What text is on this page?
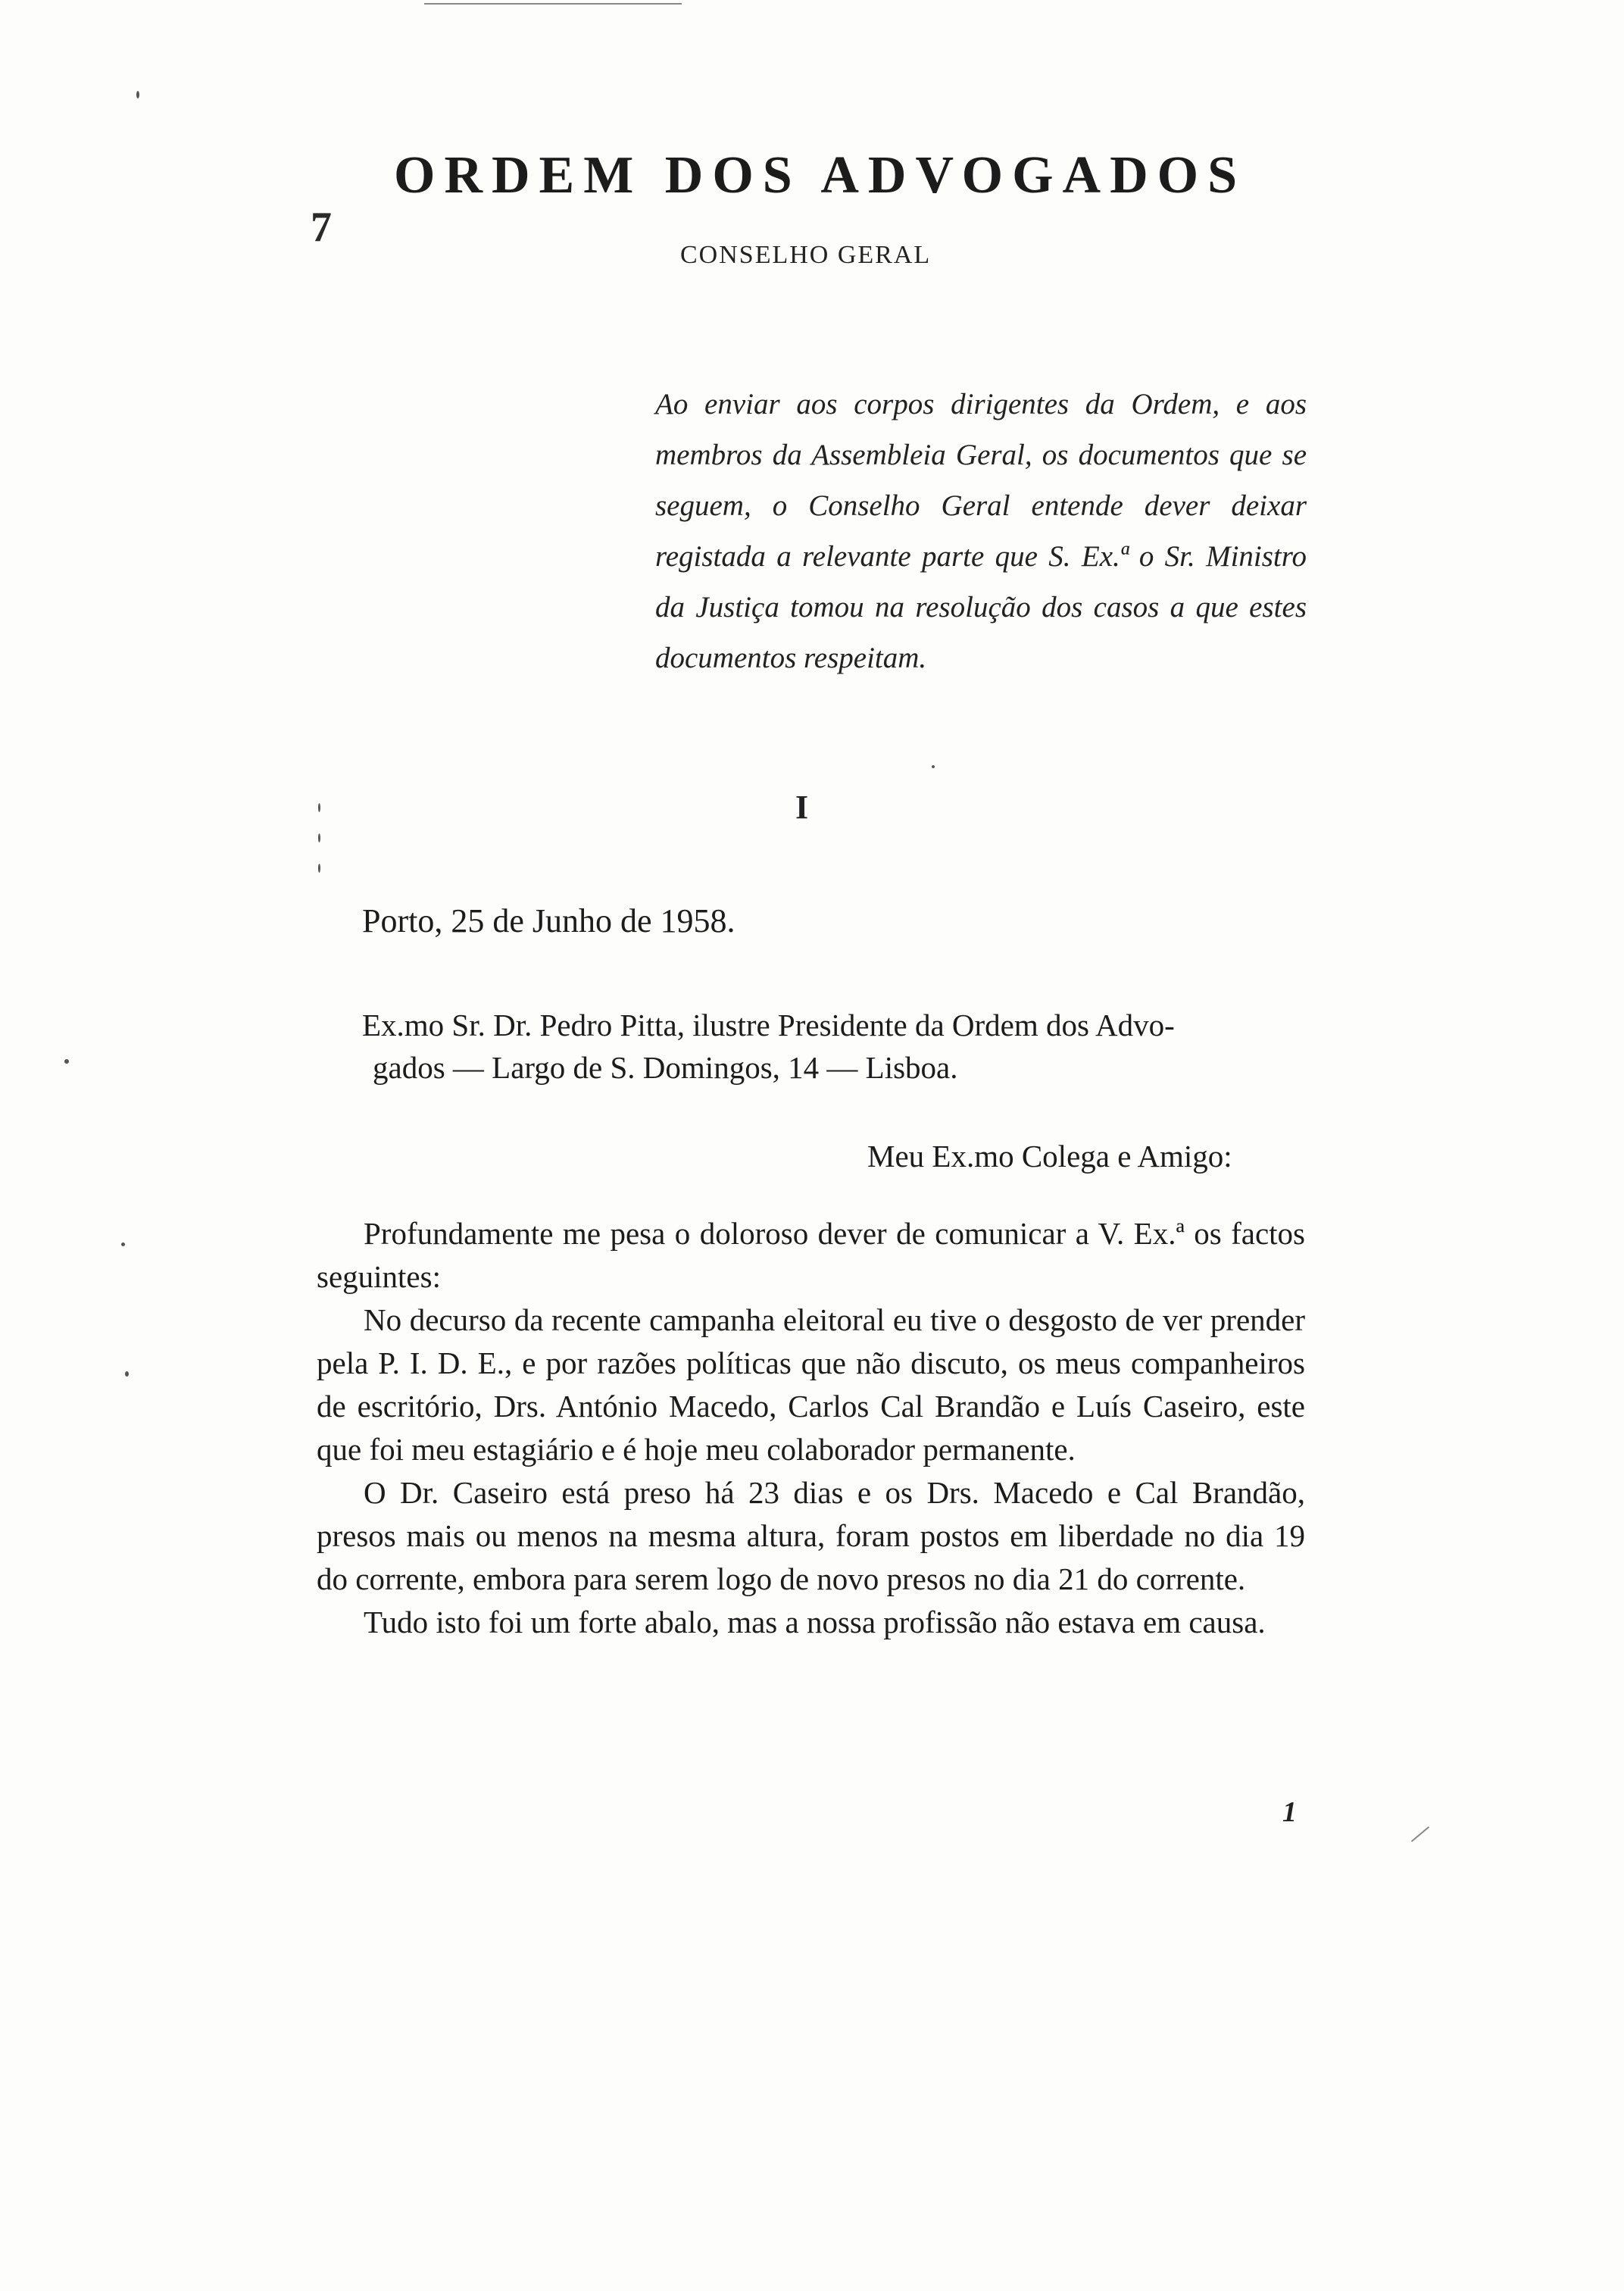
7
ORDEM DOS ADVOGADOS
CONSELHO GERAL
Ao enviar aos corpos dirigentes da Ordem, e aos membros da Assembleia Geral, os documentos que se seguem, o Conselho Geral entende dever deixar registada a relevante parte que S. Ex.ª o Sr. Ministro da Justiça tomou na resolução dos casos a que estes documentos respeitam.
I
Porto, 25 de Junho de 1958.

Ex.mo Sr. Dr. Pedro Pitta, ilustre Presidente da Ordem dos Advo-

gados — Largo de S. Domingos, 14 — Lisboa.

Meu Ex.mo Colega e Amigo:

Profundamente me pesa o doloroso dever de comunicar a V. Ex.ª os factos seguintes:

No decurso da recente campanha eleitoral eu tive o desgosto de ver prender pela P. I. D. E., e por razões políticas que não discuto, os meus companheiros de escritório, Drs. António Macedo, Carlos Cal Brandão e Luís Caseiro, este que foi meu estagiário e é hoje meu colaborador permanente.

O Dr. Caseiro está preso há 23 dias e os Drs. Macedo e Cal Brandão, presos mais ou menos na mesma altura, foram postos em liberdade no dia 19 do corrente, embora para serem logo de novo presos no dia 21 do corrente.

Tudo isto foi um forte abalo, mas a nossa profissão não estava em causa.

1
